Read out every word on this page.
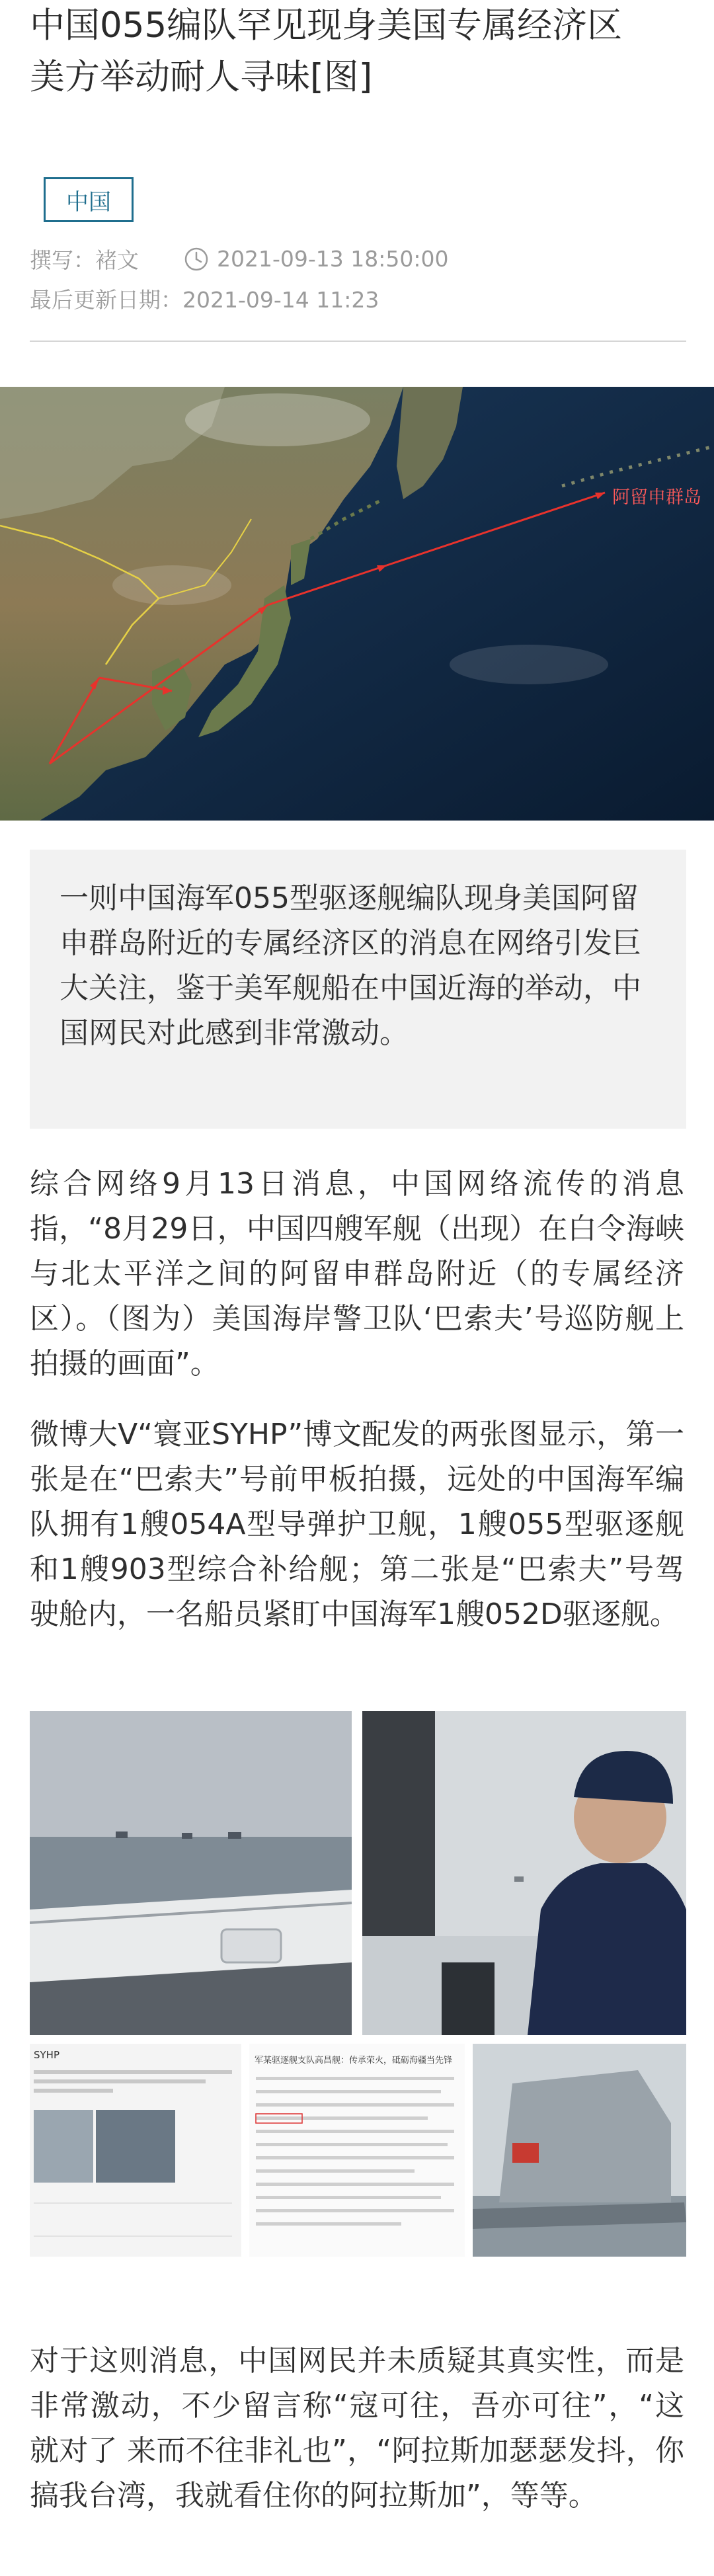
中国055编队罕见现身美国专属经济区　美方举动耐人寻味[图]
中国
撰写：褚文	2021-09-13 18:50:00
最后更新日期：2021-09-14 11:23
阿留申群岛

一则中国海军055型驱逐舰编队现身美国阿留申群岛附近的专属经济区的消息在网络引发巨大关注，鉴于美军舰船在中国近海的举动，中国网民对此感到非常激动。

综合网络9月13日消息，中国网络流传的消息指，“8月29日，中国四艘军舰（出现）在白令海峡与北太平洋之间的阿留申群岛附近（的专属经济区）。（图为）美国海岸警卫队‘巴索夫’号巡防舰上拍摄的画面”。

微博大V“寰亚SYHP”博文配发的两张图显示，第一张是在“巴索夫”号前甲板拍摄，远处的中国海军编队拥有1艘054A型导弹护卫舰，1艘055型驱逐舰和1艘903型综合补给舰；第二张是“巴索夫”号驾驶舱内，一名船员紧盯中国海军1艘052D驱逐舰。

SYHP	军某驱逐舰支队高昌舰：传承荣火，砥砺海疆当先锋

对于这则消息，中国网民并未质疑其真实性，而是非常激动，不少留言称“寇可往，吾亦可往”，“这就对了 来而不往非礼也”，“阿拉斯加瑟瑟发抖，你搞我台湾，我就看住你的阿拉斯加”，等等。
